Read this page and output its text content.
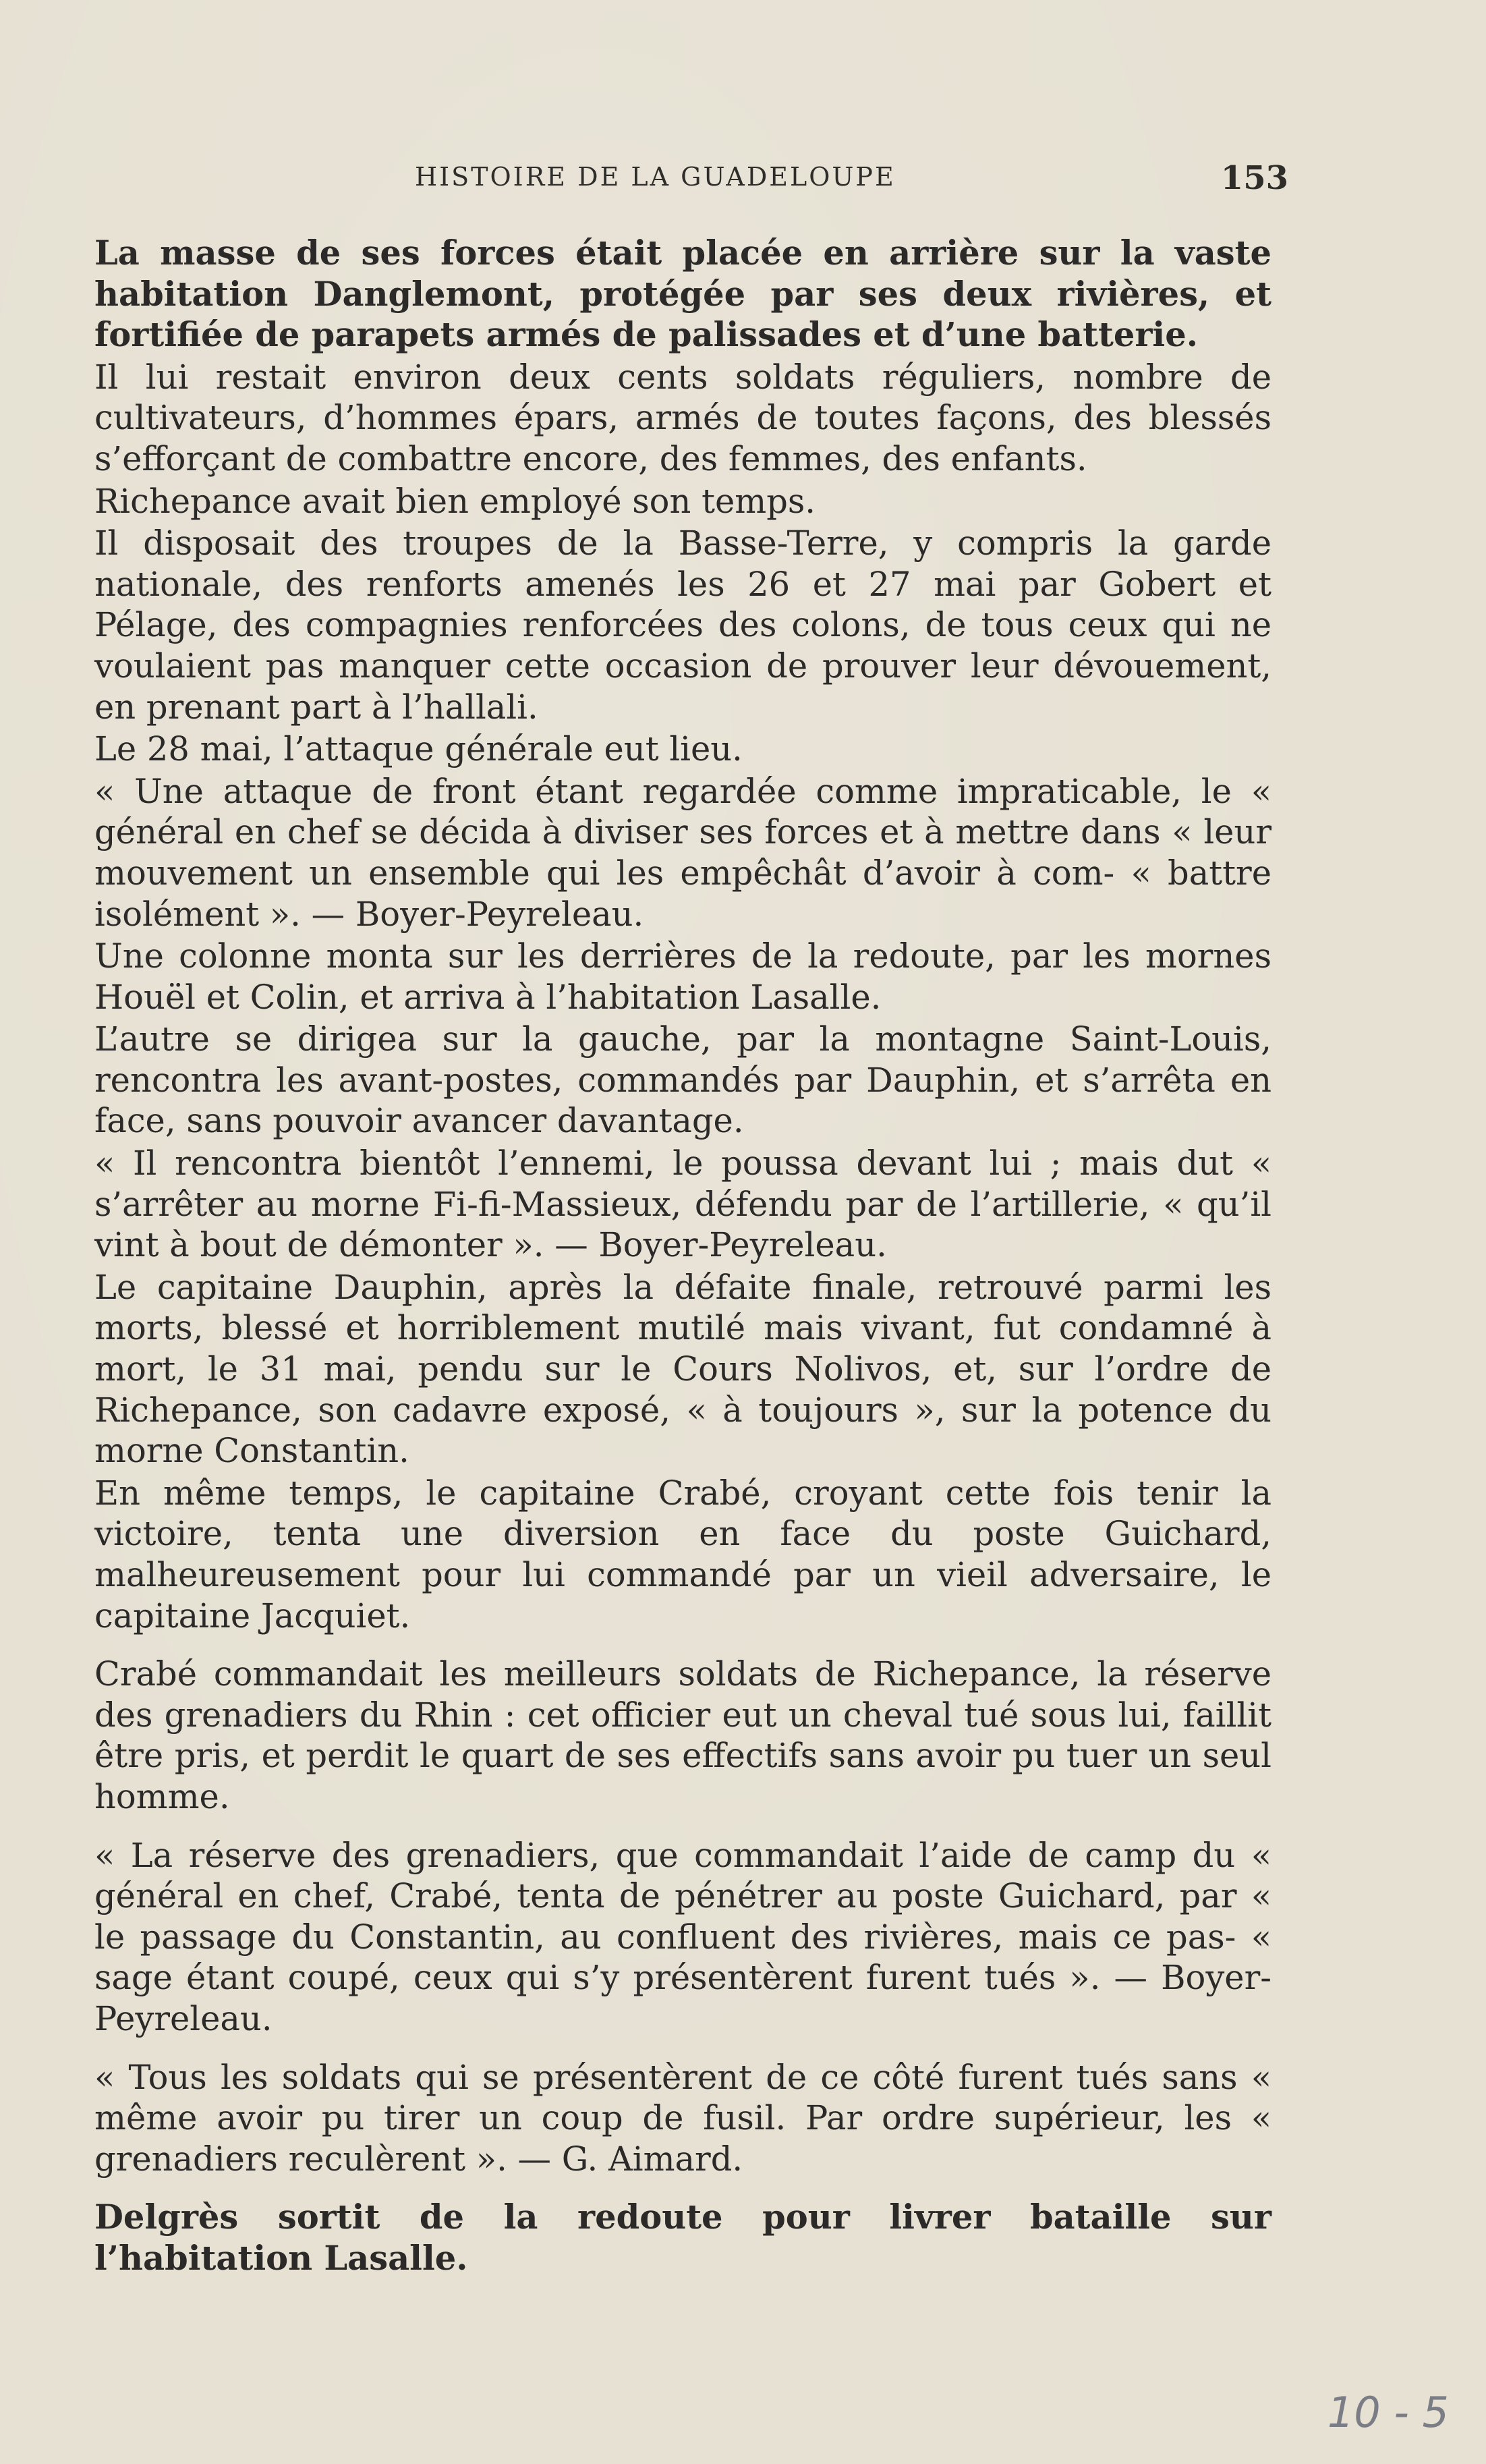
HISTOIRE DE LA GUADELOUPE	153

La masse de ses forces était placée en arrière sur la vaste habitation Danglemont, protégée par ses deux rivières, et fortifiée de parapets armés de palissades et d’une batterie.

Il lui restait environ deux cents soldats réguliers, nombre de cultivateurs, d’hommes épars, armés de toutes façons, des blessés s’efforçant de combattre encore, des femmes, des enfants.

Richepance avait bien employé son temps.

Il disposait des troupes de la Basse-Terre, y compris la garde nationale, des renforts amenés les 26 et 27 mai par Gobert et Pélage, des compagnies renforcées des colons, de tous ceux qui ne voulaient pas manquer cette occasion de prouver leur dévouement, en prenant part à l’hallali.

Le 28 mai, l’attaque générale eut lieu.

« Une attaque de front étant regardée comme impraticable, le « général en chef se décida à diviser ses forces et à mettre dans « leur mouvement un ensemble qui les empêchât d’avoir à com- « battre isolément ». — Boyer-Peyreleau.

Une colonne monta sur les derrières de la redoute, par les mornes Houël et Colin, et arriva à l’habitation Lasalle.

L’autre se dirigea sur la gauche, par la montagne Saint-Louis, rencontra les avant-postes, commandés par Dauphin, et s’arrêta en face, sans pouvoir avancer davantage.

« Il rencontra bientôt l’ennemi, le poussa devant lui ; mais dut « s’arrêter au morne Fi-fi-Massieux, défendu par de l’artillerie, « qu’il vint à bout de démonter ». — Boyer-Peyreleau.

Le capitaine Dauphin, après la défaite finale, retrouvé parmi les morts, blessé et horriblement mutilé mais vivant, fut condamné à mort, le 31 mai, pendu sur le Cours Nolivos, et, sur l’ordre de Richepance, son cadavre exposé, « à toujours », sur la potence du morne Constantin.

En même temps, le capitaine Crabé, croyant cette fois tenir la victoire, tenta une diversion en face du poste Guichard, malheureusement pour lui commandé par un vieil adversaire, le capitaine Jacquiet.

Crabé commandait les meilleurs soldats de Richepance, la réserve des grenadiers du Rhin : cet officier eut un cheval tué sous lui, faillit être pris, et perdit le quart de ses effectifs sans avoir pu tuer un seul homme.

« La réserve des grenadiers, que commandait l’aide de camp du « général en chef, Crabé, tenta de pénétrer au poste Guichard, par « le passage du Constantin, au confluent des rivières, mais ce pas- « sage étant coupé, ceux qui s’y présentèrent furent tués ». — Boyer-Peyreleau.

« Tous les soldats qui se présentèrent de ce côté furent tués sans « même avoir pu tirer un coup de fusil. Par ordre supérieur, les « grenadiers reculèrent ». — G. Aimard.

Delgrès sortit de la redoute pour livrer bataille sur l’habitation Lasalle.

10 - 5
